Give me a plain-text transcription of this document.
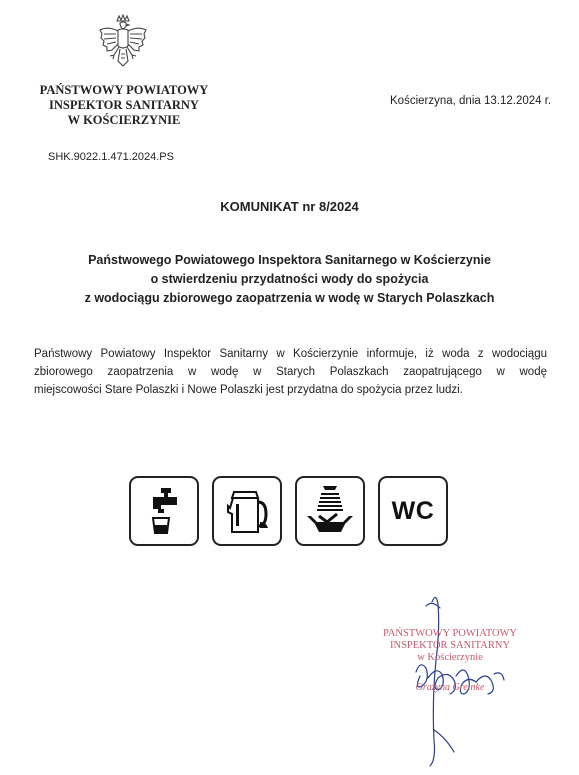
PAŃSTWOWY POWIATOWY
INSPEKTOR SANITARNY
W KOŚCIERZYNIE
Kościerzyna, dnia 13.12.2024 r.
SHK.9022.1.471.2024.PS
KOMUNIKAT nr 8/2024
Państwowego Powiatowego Inspektora Sanitarnego w Kościerzynie
o stwierdzeniu przydatności wody do spożycia
z wodociągu zbiorowego zaopatrzenia w wodę w Starych Polaszkach
Państwowy Powiatowy Inspektor Sanitarny w Kościerzynie informuje, iż woda z wodociągu
zbiorowego zaopatrzenia w wodę w Starych Polaszkach zaopatrującego w wodę
miejscowości Stare Polaszki i Nowe Polaszki jest przydatna do spożycia przez ludzi.
WC
PAŃSTWOWY POWIATOWY
INSPEKTOR SANITARNY
w Kościerzynie
Grażyna Greinke
